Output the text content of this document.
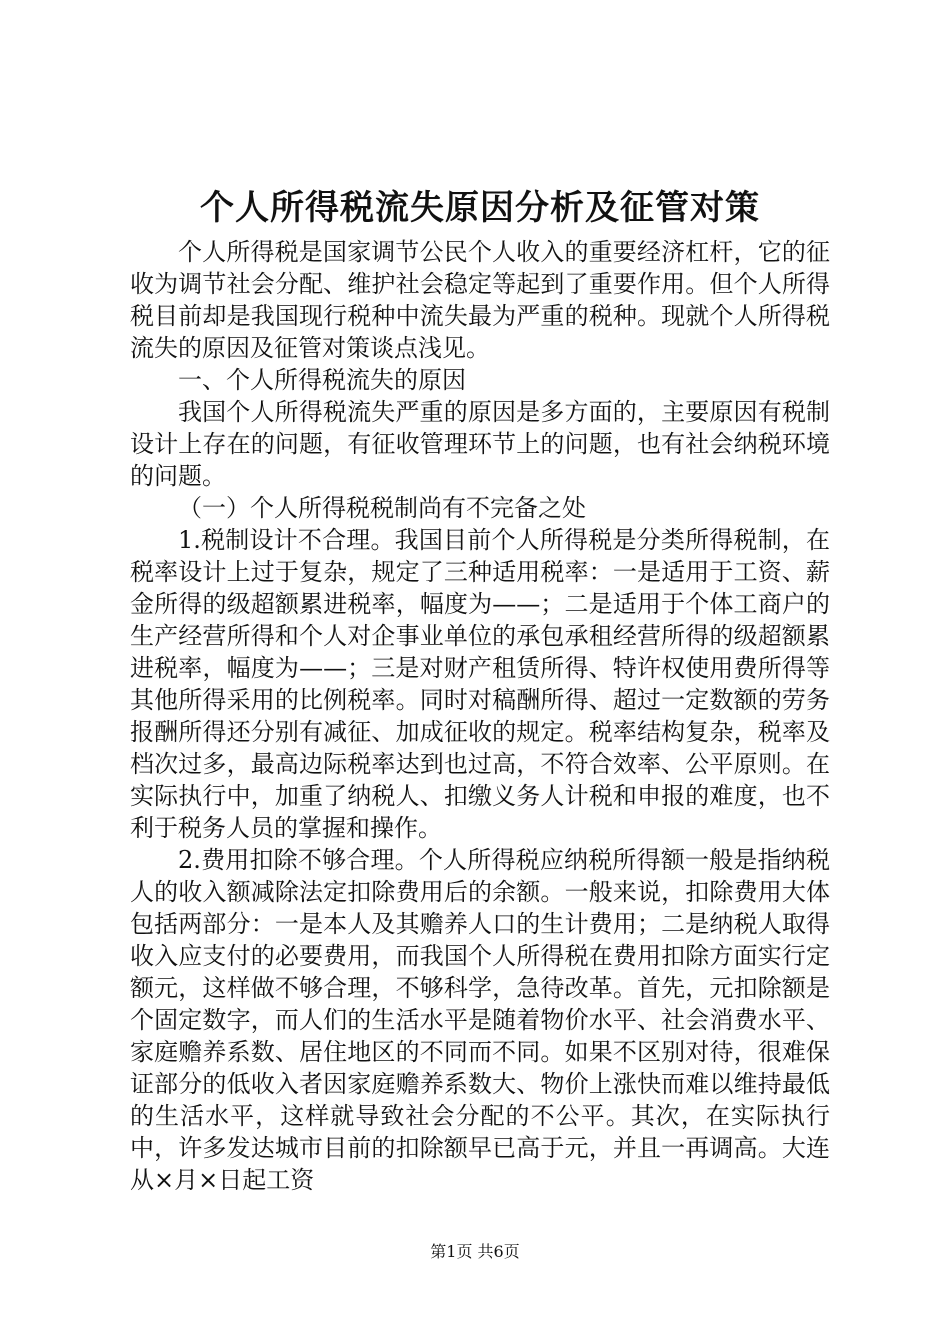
个人所得税流失原因分析及征管对策

个人所得税是国家调节公民个人收入的重要经济杠杆，它的征收为调节社会分配、维护社会稳定等起到了重要作用。但个人所得税目前却是我国现行税种中流失最为严重的税种。现就个人所得税流失的原因及征管对策谈点浅见。

一、个人所得税流失的原因

我国个人所得税流失严重的原因是多方面的，主要原因有税制设计上存在的问题，有征收管理环节上的问题，也有社会纳税环境的问题。

（一）个人所得税税制尚有不完备之处

1.税制设计不合理。我国目前个人所得税是分类所得税制，在税率设计上过于复杂，规定了三种适用税率：一是适用于工资、薪金所得的级超额累进税率，幅度为——；二是适用于个体工商户的生产经营所得和个人对企事业单位的承包承租经营所得的级超额累进税率，幅度为——；三是对财产租赁所得、特许权使用费所得等其他所得采用的比例税率。同时对稿酬所得、超过一定数额的劳务报酬所得还分别有减征、加成征收的规定。税率结构复杂，税率及档次过多，最高边际税率达到也过高，不符合效率、公平原则。在实际执行中，加重了纳税人、扣缴义务人计税和申报的难度，也不利于税务人员的掌握和操作。

2.费用扣除不够合理。个人所得税应纳税所得额一般是指纳税人的收入额减除法定扣除费用后的余额。一般来说，扣除费用大体包括两部分：一是本人及其赡养人口的生计费用；二是纳税人取得收入应支付的必要费用，而我国个人所得税在费用扣除方面实行定额元，这样做不够合理，不够科学，急待改革。首先，元扣除额是个固定数字，而人们的生活水平是随着物价水平、社会消费水平、家庭赡养系数、居住地区的不同而不同。如果不区别对待，很难保证部分的低收入者因家庭赡养系数大、物价上涨快而难以维持最低的生活水平，这样就导致社会分配的不公平。其次，在实际执行中，许多发达城市目前的扣除额早已高于元，并且一再调高。大连从×月×日起工资

第1页 共6页
